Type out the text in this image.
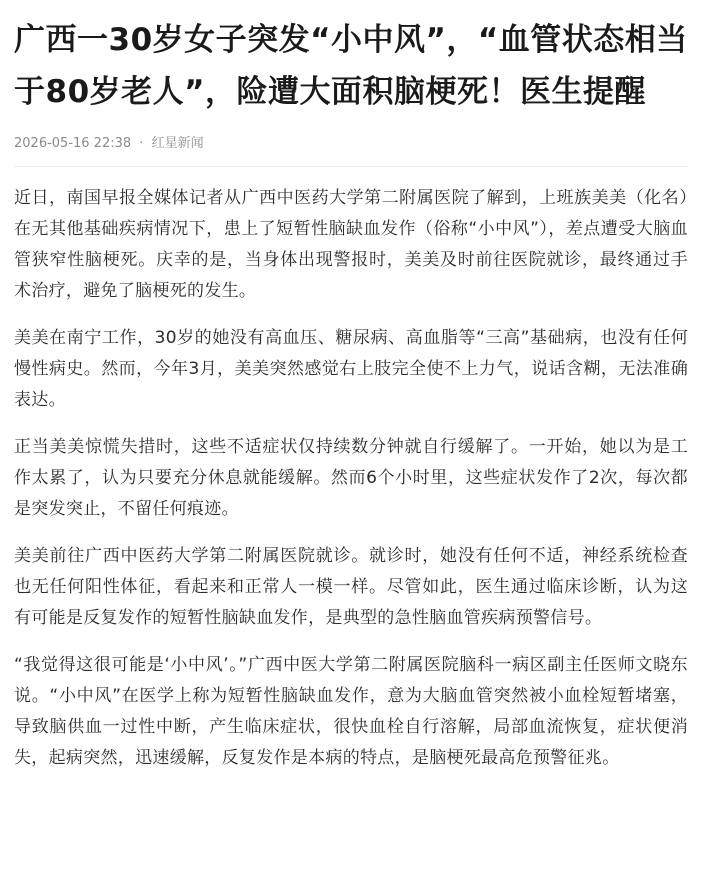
广西一30岁女子突发“小中风”，“血管状态相当于80岁老人”，险遭大面积脑梗死！医生提醒
2026-05-16 22:38 · 红星新闻

近日，南国早报全媒体记者从广西中医药大学第二附属医院了解到，上班族美美（化名）在无其他基础疾病情况下，患上了短暂性脑缺血发作（俗称“小中风”），差点遭受大脑血管狭窄性脑梗死。庆幸的是，当身体出现警报时，美美及时前往医院就诊，最终通过手术治疗，避免了脑梗死的发生。

美美在南宁工作，30岁的她没有高血压、糖尿病、高血脂等“三高”基础病，也没有任何慢性病史。然而，今年3月，美美突然感觉右上肢完全使不上力气，说话含糊，无法准确表达。

正当美美惊慌失措时，这些不适症状仅持续数分钟就自行缓解了。一开始，她以为是工作太累了，认为只要充分休息就能缓解。然而6个小时里，这些症状发作了2次，每次都是突发突止，不留任何痕迹。

美美前往广西中医药大学第二附属医院就诊。就诊时，她没有任何不适，神经系统检查也无任何阳性体征，看起来和正常人一模一样。尽管如此，医生通过临床诊断，认为这有可能是反复发作的短暂性脑缺血发作，是典型的急性脑血管疾病预警信号。

“我觉得这很可能是‘小中风’。”广西中医大学第二附属医院脑科一病区副主任医师文晓东说。“小中风”在医学上称为短暂性脑缺血发作，意为大脑血管突然被小血栓短暂堵塞，导致脑供血一过性中断，产生临床症状，很快血栓自行溶解，局部血流恢复，症状便消失，起病突然，迅速缓解，反复发作是本病的特点，是脑梗死最高危预警征兆。
